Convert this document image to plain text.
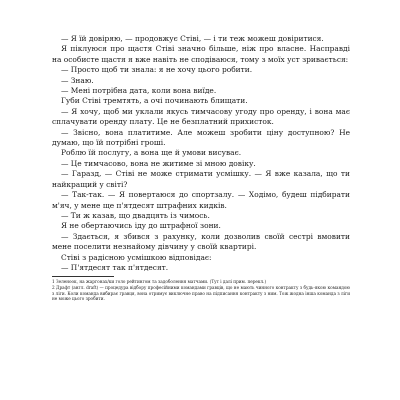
— Я їй довіряю, — продовжує Стіві, — і ти теж можеш довіритися.

Я піклуюся про щастя Стіві значно більше, ніж про власне. Насправді на особисте щастя я вже навіть не сподіваюся, тому з моїх уст зривається:

— Просто щоб ти знала: я не хочу цього робити.

— Знаю.

— Мені потрібна дата, коли вона виїде.

Губи Стіві тремтять, а очі починають блищати.

— Я хочу, щоб ми уклали якусь тимчасову угоду про оренду, і вона має сплачувати оренду плату. Це не безплатний прихисток.

— Звісно, вона платитиме. Але можеш зробити ціну доступною? Не думаю, що їй потрібні гроші.

Роблю їй послугу, а вона ще й умови висуває.

— Це тимчасово, вона не житиме зі мною довіку.

— Гаразд, — Стіві не може стримати усмішку. — Я вже казала, що ти найкращий у світі?

— Так-так. — Я повертаюся до спортзалу. — Ходімо, будеш підбирати м'яч, у мене ще п'ятдесят штрафних кидків.

— Ти ж казав, що двадцять із чимось.

Я не обертаючись іду до штрафної зони.

— Здається, я збився з рахунку, коли дозволив своїй сестрі вмовити мене поселити незнайому дівчину у своїй квартирі.

Стіві з радісною усмішкою відповідає:

— П'ятдесят так п'ятдесят.

1 Зеленоок, на жаргонах/ки голо рейтингом та задоболення матчами. (Тут і далі прим. перекл.)

2 Драфт (англ. draft) — процедура відбору професійними командами гравців, що не мають чинного контракту з будь-якою командою з ліги. Коли команда вибирає гравця, вона отримує виключне право на підписання контракту з ним. Тож жодна інша команда з ліги не може цього зробити.
